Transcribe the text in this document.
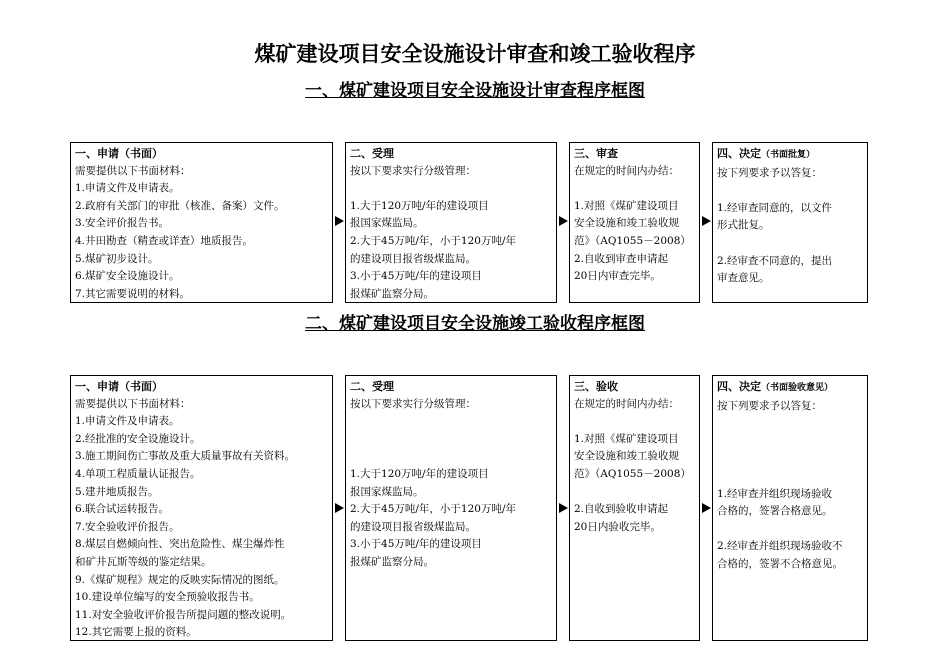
煤矿建设项目安全设施设计审查和竣工验收程序
一、煤矿建设项目安全设施设计审查程序框图
一、申请（书面）
需要提供以下书面材料：
1.申请文件及申请表。
2.政府有关部门的审批（核准、备案）文件。
3.安全评价报告书。
4.井田勘查（精查或详查）地质报告。
5.煤矿初步设计。
6.煤矿安全设施设计。
7.其它需要说明的材料。
二、受理
按以下要求实行分级管理：
1.大于120万吨/年的建设项目
报国家煤监局。
2.大于45万吨/年，小于120万吨/年
的建设项目报省级煤监局。
3.小于45万吨/年的建设项目
报煤矿监察分局。
三、审查
在规定的时间内办结：
1.对照《煤矿建设项目
安全设施和竣工验收规
范》（AQ1055－2008）
2.自收到审查申请起
20日内审查完毕。
四、决定（书面批复）
按下列要求予以答复：
1.经审查同意的，以文件
形式批复。
2.经审查不同意的，提出
审查意见。
二、煤矿建设项目安全设施竣工验收程序框图
一、申请（书面）
需要提供以下书面材料：
1.申请文件及申请表。
2.经批准的安全设施设计。
3.施工期间伤亡事故及重大质量事故有关资料。
4.单项工程质量认证报告。
5.建井地质报告。
6.联合试运转报告。
7.安全验收评价报告。
8.煤层自燃倾向性、突出危险性、煤尘爆炸性
和矿井瓦斯等级的鉴定结果。
9.《煤矿规程》规定的反映实际情况的图纸。
10.建设单位编写的安全预验收报告书。
11.对安全验收评价报告所提问题的整改说明。
12.其它需要上报的资料。
二、受理
按以下要求实行分级管理：
1.大于120万吨/年的建设项目
报国家煤监局。
2.大于45万吨/年，小于120万吨/年
的建设项目报省级煤监局。
3.小于45万吨/年的建设项目
报煤矿监察分局。
三、验收
在规定的时间内办结：
1.对照《煤矿建设项目
安全设施和竣工验收规
范》（AQ1055－2008）
2.自收到验收申请起
20日内验收完毕。
四、决定（书面验收意见）
按下列要求予以答复：
1.经审查并组织现场验收
合格的，签署合格意见。
2.经审查并组织现场验收不
合格的，签署不合格意见。
